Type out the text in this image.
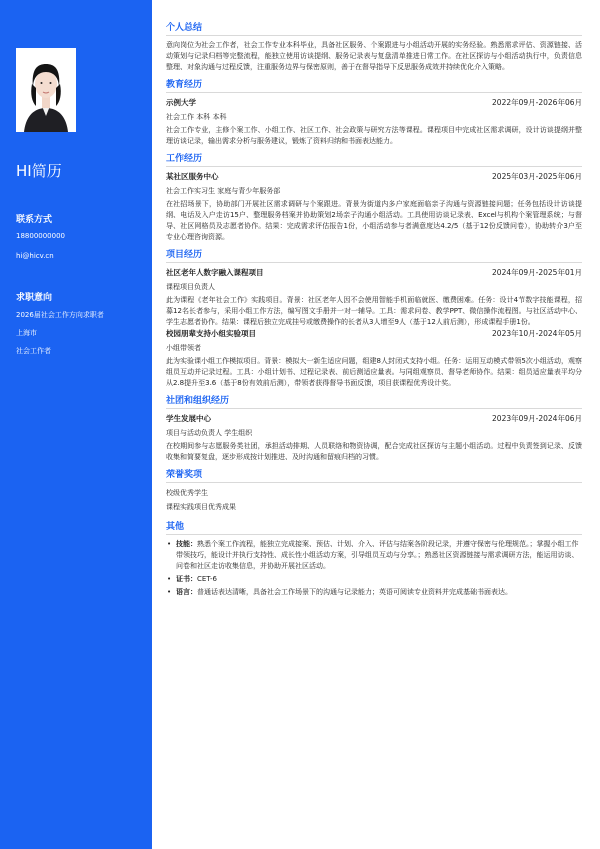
HI简历
联系方式
18800000000
hi@hicv.cn
求职意向
2026届社会工作方向求职者
上海市
社会工作者
个人总结
意向岗位为社会工作者，社会工作专业本科毕业，具备社区服务、个案跟进与小组活动开展的实务经验。熟悉需求评估、资源链接、活动策划与记录归档等完整流程，能独立使用访谈提纲、服务记录表与复盘清单推进日常工作。在社区探访与小组活动执行中，负责信息整理、对象沟通与过程反馈，注重服务边界与保密原则，善于在督导指导下反思服务成效并持续优化介入策略。
教育经历
示例大学	2022年09月-2026年06月
社会工作 本科 本科
社会工作专业，主修个案工作、小组工作、社区工作、社会政策与研究方法等课程。课程项目中完成社区需求调研，设计访谈提纲并整理访谈记录，输出需求分析与服务建议，锻炼了资料归纳和书面表达能力。
工作经历
某社区服务中心	2025年03月-2025年06月
社会工作实习生 家庭与青少年服务部
在社招场景下，协助部门开展社区需求调研与个案跟进。背景为街道内多户家庭面临亲子沟通与资源链接问题；任务包括设计访谈提纲、电话及入户走访15户、整理服务档案并协助策划2场亲子沟通小组活动。工具使用访谈记录表、Excel与机构个案管理系统；与督导、社区网格员及志愿者协作。结果：完成需求评估报告1份，小组活动参与者满意度达4.2/5（基于12份反馈问卷），协助转介3户至专业心理咨询资源。
项目经历
社区老年人数字融入课程项目	2024年09月-2025年01月
课程项目负责人
此为课程《老年社会工作》实践项目。背景：社区老年人因不会使用智能手机面临就医、缴费困难。任务：设计4节数字技能课程，招募12名长者参与，采用小组工作方法，编写图文手册并一对一辅导。工具：需求问卷、教学PPT、微信操作流程图。与社区活动中心、学生志愿者协作。结果：课程后独立完成挂号或缴费操作的长者从3人增至9人（基于12人前后测），形成课程手册1份。
校园朋辈支持小组实验项目	2023年10月-2024年05月
小组带领者
此为实验课小组工作模拟项目。背景：模拟大一新生适应问题，组建8人封闭式支持小组。任务：运用互动模式带领5次小组活动，观察组员互动并记录过程。工具：小组计划书、过程记录表、前后测适应量表。与同组观察员、督导老师协作。结果：组员适应量表平均分从2.8提升至3.6（基于8份有效前后测），带领者获得督导书面反馈，项目获课程优秀设计奖。
社团和组织经历
学生发展中心	2023年09月-2024年06月
项目与活动负责人 学生组织
在校期间参与志愿服务类社团，承担活动排期、人员联络和物资协调，配合完成社区探访与主题小组活动。过程中负责签到记录、反馈收集和简要复盘，逐步形成按计划推进、及时沟通和留痕归档的习惯。
荣誉奖项
校级优秀学生
课程实践项目优秀成果
其他
• 技能：熟悉个案工作流程，能独立完成接案、预估、计划、介入、评估与结案各阶段记录，并遵守保密与伦理规范。；掌握小组工作带领技巧，能设计并执行支持性、成长性小组活动方案，引导组员互动与分享。；熟悉社区资源链接与需求调研方法，能运用访谈、问卷和社区走访收集信息，并协助开展社区活动。
• 证书：CET-6
• 语言：普通话表达清晰，具备社会工作场景下的沟通与记录能力；英语可阅读专业资料并完成基础书面表达。
